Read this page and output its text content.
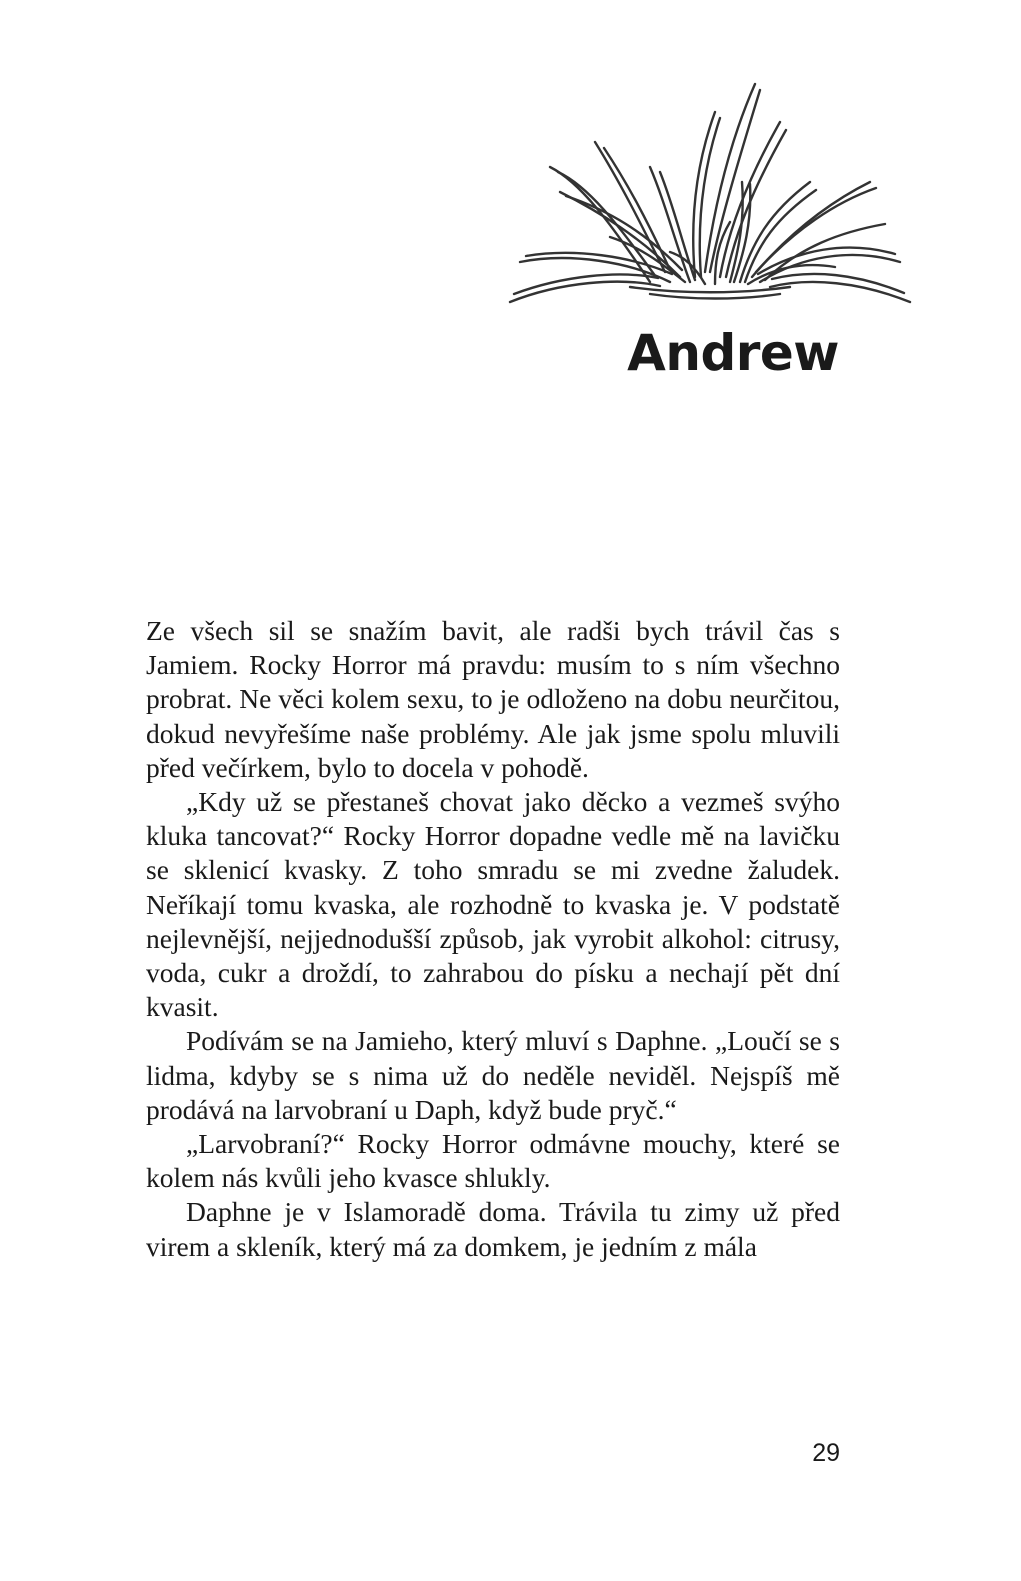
Andrew

Ze všech sil se snažím bavit, ale radši bych trávil čas s Jamiem. Rocky Horror má pravdu: musím to s ním všechno probrat. Ne věci kolem sexu, to je odloženo na dobu neurčitou, dokud nevyřešíme naše problémy. Ale jak jsme spolu mluvili před večírkem, bylo to docela v pohodě.

„Kdy už se přestaneš chovat jako děcko a vezmeš svýho kluka tancovat?“ Rocky Horror dopadne vedle mě na lavičku se sklenicí kvasky. Z toho smradu se mi zvedne žaludek. Neříkají tomu kvaska, ale rozhodně to kvaska je. V podstatě nejlevnější, nejjednodušší způsob, jak vyrobit alkohol: citrusy, voda, cukr a droždí, to zahrabou do písku a nechají pět dní kvasit.

Podívám se na Jamieho, který mluví s Daphne. „Loučí se s lidma, kdyby se s nima už do neděle neviděl. Nejspíš mě prodává na larvobraní u Daph, když bude pryč.“

„Larvobraní?“ Rocky Horror odmávne mouchy, které se kolem nás kvůli jeho kvasce shlukly.

Daphne je v Islamoradě doma. Trávila tu zimy už před virem a skleník, který má za domkem, je jedním z mála

29
